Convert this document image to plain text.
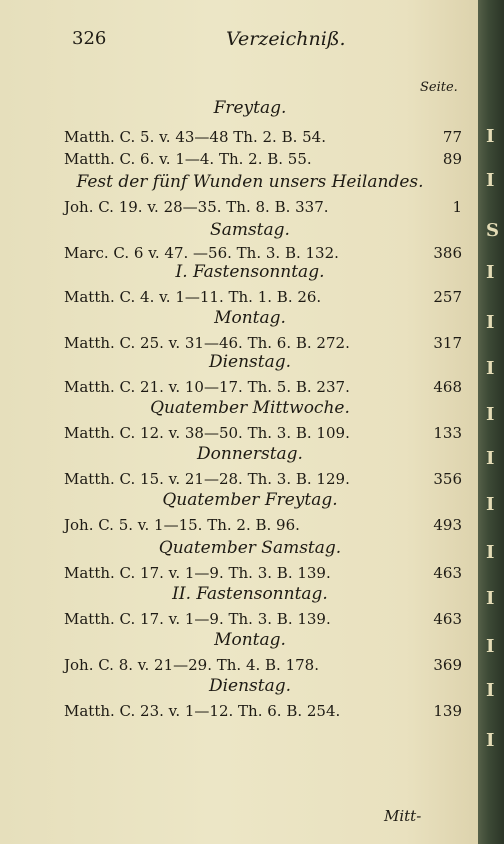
326	Verzeichniß.
Seite.
Freytag.
Matth. C. 5. v. 43—48 Th. 2. B. 54.	77
Matth. C. 6. v. 1—4. Th. 2. B. 55.	89
Fest der fünf Wunden unsers Heilandes.
Joh. C. 19. v. 28—35. Th. 8. B. 337.	1
Samstag.
Marc. C. 6 v. 47. —56. Th. 3. B. 132.	386
I. Fastensonntag.
Matth. C. 4. v. 1—11. Th. 1. B. 26.	257
Montag.
Matth. C. 25. v. 31—46. Th. 6. B. 272.	317
Dienstag.
Matth. C. 21. v. 10—17. Th. 5. B. 237.	468
Quatember Mittwoche.
Matth. C. 12. v. 38—50. Th. 3. B. 109.	133
Donnerstag.
Matth. C. 15. v. 21—28. Th. 3. B. 129.	356
Quatember Freytag.
Joh. C. 5. v. 1—15. Th. 2. B. 96.	493
Quatember Samstag.
Matth. C. 17. v. 1—9. Th. 3. B. 139.	463
II. Fastensonntag.
Matth. C. 17. v. 1—9. Th. 3. B. 139.	463
Montag.
Joh. C. 8. v. 21—29. Th. 4. B. 178.	369
Dienstag.
Matth. C. 23. v. 1—12. Th. 6. B. 254.	139
Mitt-
I
I
S
I
I
I
I
I
I
I
I
I
I
I
